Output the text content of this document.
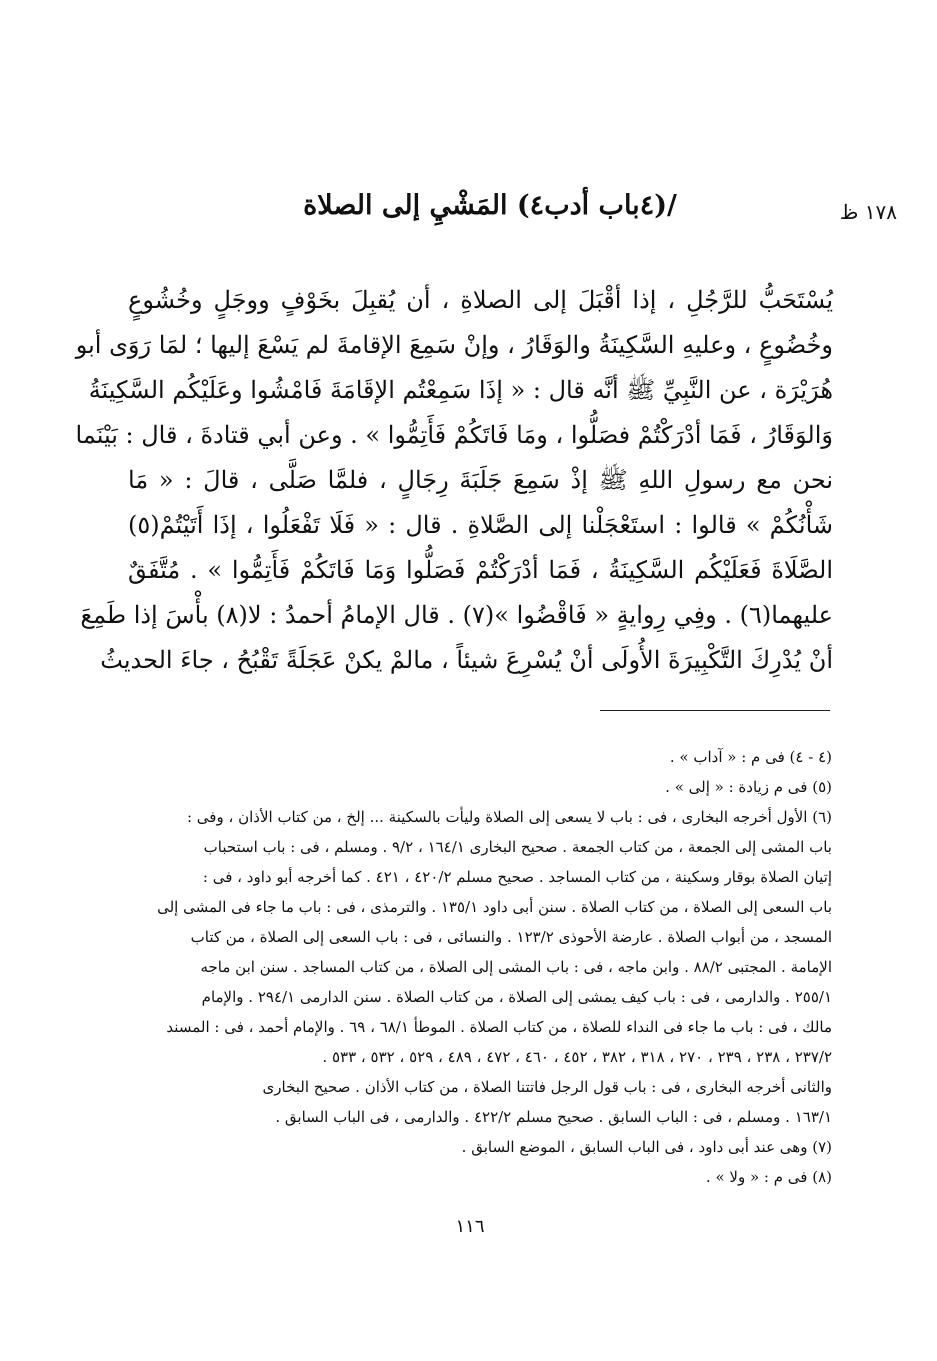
١٧٨ ظ
/(٤باب أدب٤) المَشْيِ إلى الصلاة
يُسْتَحَبُّ للرَّجُلِ ، إذا أقْبَلَ إلى الصلاةِ ، أن يُقبِلَ بخَوْفٍ ووجَلٍ وخُشُوعٍ
وخُضُوعٍ ، وعليهِ السَّكِينَةُ والوَقَارُ ، وإنْ سَمِعَ الإقامةَ لم يَسْعَ إليها ؛ لمَا رَوَى أبو
هُرَيْرَة ، عن النَّبِيِّ ﷺ أنَّه قال : « إذَا سَمِعْتُم الإقَامَةَ فَامْشُوا وعَلَيْكُم السَّكِينَةُ
وَالوَقَارُ ، فَمَا أدْرَكْتُمْ فصَلُّوا ، ومَا فَاتَكُمْ فَأَتِمُّوا » . وعن أبي قتادةَ ، قال : بَيْنَما
نحن مع رسولِ اللهِ ﷺ إذْ سَمِعَ جَلَبَةَ رِجَالٍ ، فلمَّا صَلَّى ، قالَ : « مَا
شَأْنُكُمْ » قالوا : استَعْجَلْنا إلى الصَّلاةِ . قال : « فَلَا تَفْعَلُوا ، إذَا أَتَيْتُمْ(٥)
الصَّلَاةَ فَعَلَيْكُم السَّكِينَةُ ، فَمَا أدْرَكْتُمْ فَصَلُّوا وَمَا فَاتَكُمْ فَأَتِمُّوا » . مُتَّفَقٌ
عليهما(٦) . وفِي رِوايةٍ « فَاقْضُوا »(٧) . قال الإمامُ أحمدُ : لا(٨) بأْسَ إذا طَمِعَ
أنْ يُدْرِكَ التَّكْبِيرَةَ الأُولَى أنْ يُسْرِعَ شيئاً ، مالمْ يكنْ عَجَلَةً تَقْبُحُ ، جاءَ الحديثُ
(٤ - ٤) فى م : « آداب » .
(٥) فى م زيادة : « إلى » .
(٦) الأول أخرجه البخارى ، فى : باب لا يسعى إلى الصلاة وليأت بالسكينة ... إلخ ، من كتاب الأذان ، وفى :
باب المشى إلى الجمعة ، من كتاب الجمعة . صحيح البخارى ١٦٤/١ ، ٩/٢ . ومسلم ، فى : باب استحباب
إتيان الصلاة بوقار وسكينة ، من كتاب المساجد . صحيح مسلم ٤٢٠/٢ ، ٤٢١ . كما أخرجه أبو داود ، فى :
باب السعى إلى الصلاة ، من كتاب الصلاة . سنن أبى داود ١٣٥/١ . والترمذى ، فى : باب ما جاء فى المشى إلى
المسجد ، من أبواب الصلاة . عارضة الأحوذى ١٢٣/٢ . والنسائى ، فى : باب السعى إلى الصلاة ، من كتاب
الإمامة . المجتبى ٨٨/٢ . وابن ماجه ، فى : باب المشى إلى الصلاة ، من كتاب المساجد . سنن ابن ماجه
٢٥٥/١ . والدارمى ، فى : باب كيف يمشى إلى الصلاة ، من كتاب الصلاة . سنن الدارمى ٢٩٤/١ . والإمام
مالك ، فى : باب ما جاء فى النداء للصلاة ، من كتاب الصلاة . الموطأ ٦٨/١ ، ٦٩ . والإمام أحمد ، فى : المسند
٢٣٧/٢ ، ٢٣٨ ، ٢٣٩ ، ٢٧٠ ، ٣١٨ ، ٣٨٢ ، ٤٥٢ ، ٤٦٠ ، ٤٧٢ ، ٤٨٩ ، ٥٢٩ ، ٥٣٢ ، ٥٣٣ .
والثانى أخرجه البخارى ، فى : باب قول الرجل فاتتنا الصلاة ، من كتاب الأذان . صحيح البخارى
١٦٣/١ . ومسلم ، فى : الباب السابق . صحيح مسلم ٤٢٢/٢ . والدارمى ، فى الباب السابق .
(٧) وهى عند أبى داود ، فى الباب السابق ، الموضع السابق .
(٨) فى م : « ولا » .
١١٦
